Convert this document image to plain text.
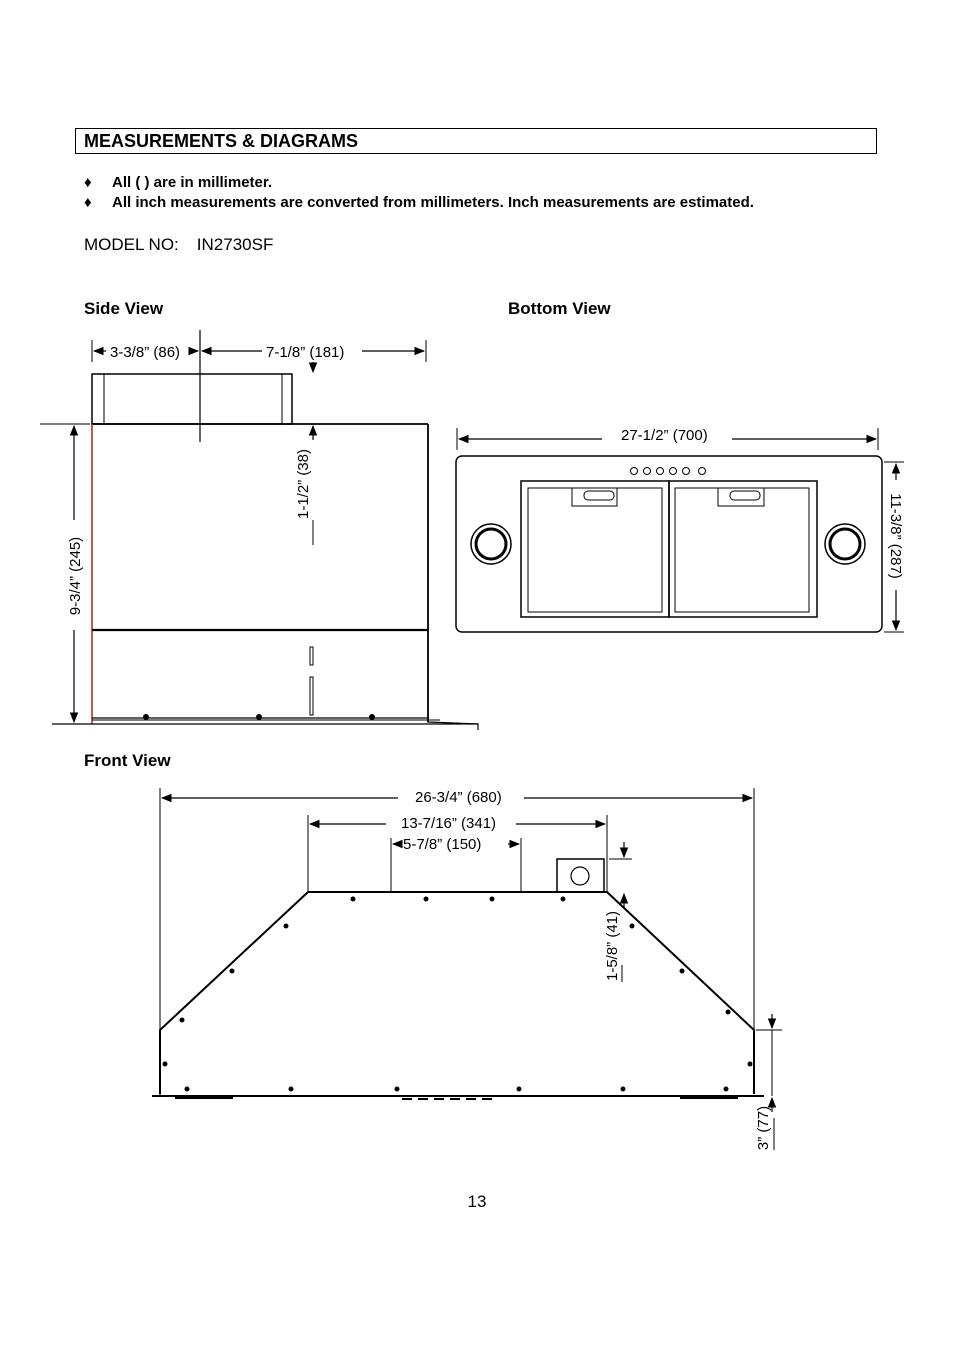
MEASUREMENTS & DIAGRAMS
♦	All ( ) are in millimeter.
♦	All inch measurements are converted from millimeters. Inch measurements are estimated.
MODEL NO: IN2730SF
Side View	Bottom View
Front View
3-3/8” (86)	7-1/8” (181)
9-3/4” (245)
1-1/2” (38)
27-1/2” (700)
11-3/8” (287)
26-3/4” (680)
13-7/16” (341)
5-7/8” (150)
1-5/8” (41)
3” (77)
13
